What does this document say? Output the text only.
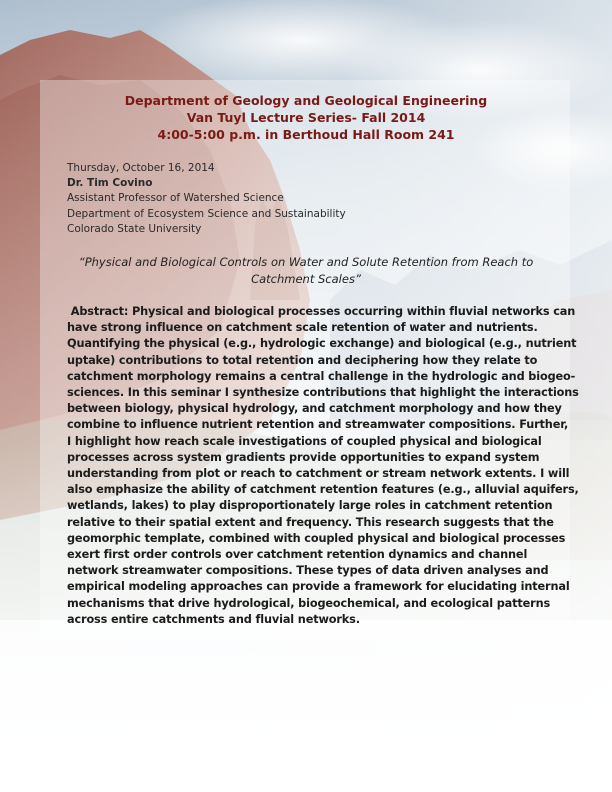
Department of Geology and Geological Engineering
Van Tuyl Lecture Series- Fall 2014
4:00-5:00 p.m. in Berthoud Hall Room 241
Thursday, October 16, 2014
Dr. Tim Covino
Assistant Professor of Watershed Science
Department of Ecosystem Science and Sustainability
Colorado State University
“Physical and Biological Controls on Water and Solute Retention from Reach to
Catchment Scales”
Abstract: Physical and biological processes occurring within fluvial networks can
have strong influence on catchment scale retention of water and nutrients.
Quantifying the physical (e.g., hydrologic exchange) and biological (e.g., nutrient
uptake) contributions to total retention and deciphering how they relate to
catchment morphology remains a central challenge in the hydrologic and biogeo-
sciences. In this seminar I synthesize contributions that highlight the interactions
between biology, physical hydrology, and catchment morphology and how they
combine to influence nutrient retention and streamwater compositions. Further,
I highlight how reach scale investigations of coupled physical and biological
processes across system gradients provide opportunities to expand system
understanding from plot or reach to catchment or stream network extents. I will
also emphasize the ability of catchment retention features (e.g., alluvial aquifers,
wetlands, lakes) to play disproportionately large roles in catchment retention
relative to their spatial extent and frequency. This research suggests that the
geomorphic template, combined with coupled physical and biological processes
exert first order controls over catchment retention dynamics and channel
network streamwater compositions. These types of data driven analyses and
empirical modeling approaches can provide a framework for elucidating internal
mechanisms that drive hydrological, biogeochemical, and ecological patterns
across entire catchments and fluvial networks.
